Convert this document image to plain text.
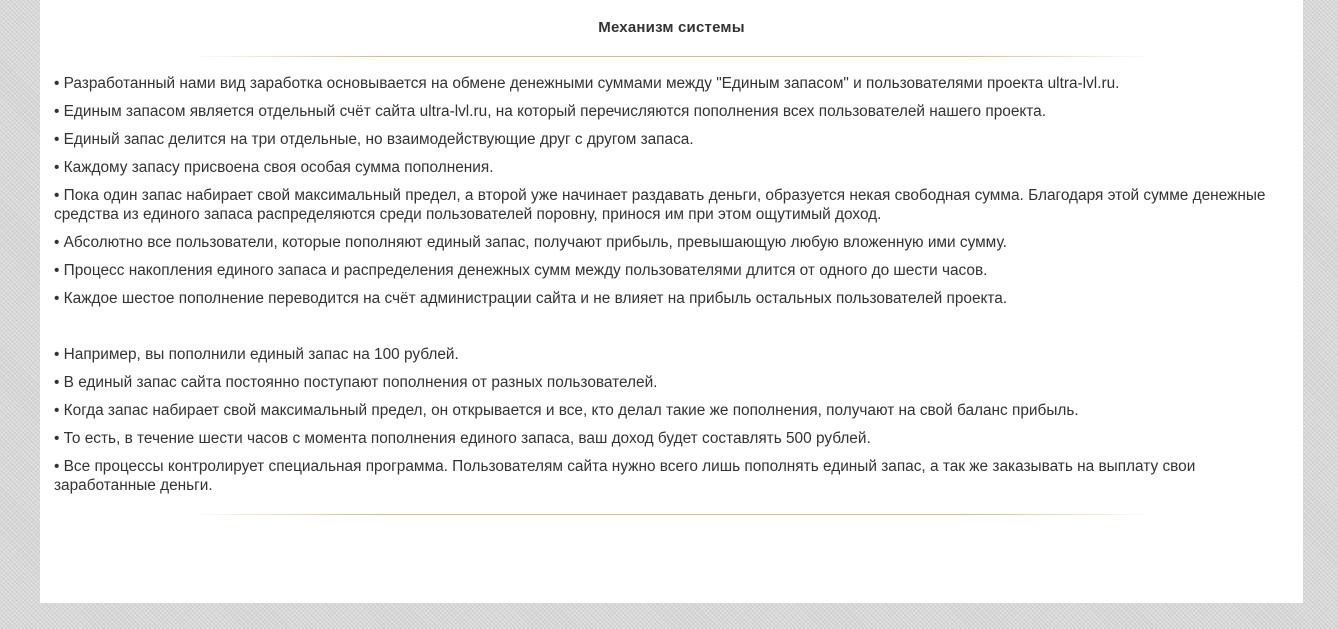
Механизм системы
• Разработанный нами вид заработка основывается на обмене денежными суммами между "Единым запасом" и пользователями проекта ultra-lvl.ru.
• Единым запасом является отдельный счёт сайта ultra-lvl.ru, на который перечисляются пополнения всех пользователей нашего проекта.
• Единый запас делится на три отдельные, но взаимодействующие друг с другом запаса.
• Каждому запасу присвоена своя особая сумма пополнения.
• Пока один запас набирает свой максимальный предел, а второй уже начинает раздавать деньги, образуется некая свободная сумма. Благодаря этой сумме денежные средства из единого запаса распределяются среди пользователей поровну, принося им при этом ощутимый доход.
• Абсолютно все пользователи, которые пополняют единый запас, получают прибыль, превышающую любую вложенную ими сумму.
• Процесс накопления единого запаса и распределения денежных сумм между пользователями длится от одного до шести часов.
• Каждое шестое пополнение переводится на счёт администрации сайта и не влияет на прибыль остальных пользователей проекта.
• Например, вы пополнили единый запас на 100 рублей.
• В единый запас сайта постоянно поступают пополнения от разных пользователей.
• Когда запас набирает свой максимальный предел, он открывается и все, кто делал такие же пополнения, получают на свой баланс прибыль.
• То есть, в течение шести часов с момента пополнения единого запаса, ваш доход будет составлять 500 рублей.
• Все процессы контролирует специальная программа. Пользователям сайта нужно всего лишь пополнять единый запас, а так же заказывать на выплату свои заработанные деньги.
